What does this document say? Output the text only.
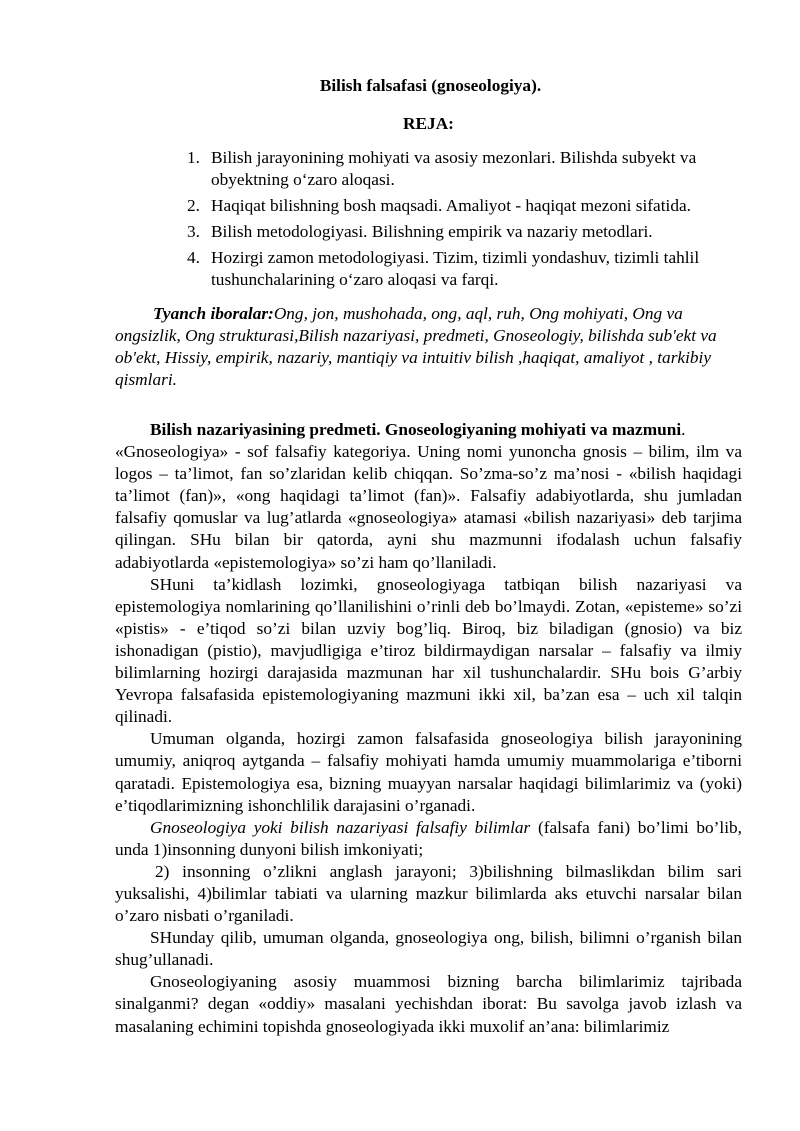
Bilish falsafasi (gnoseologiya).

REJA:

1. Bilish jarayonining mohiyati va asosiy mezonlari. Bilishda subyekt va obyektning o‘zaro aloqasi.
2. Haqiqat bilishning bosh maqsadi. Amaliyot - haqiqat mezoni sifatida.
3. Bilish metodologiyasi. Bilishning empirik va nazariy metodlari.
4. Hozirgi zamon metodologiyasi. Tizim, tizimli yondashuv, tizimli tahlil tushunchalarining o‘zaro aloqasi va farqi.

Tyanch iboralar:Ong, jon, mushohada, ong, aql, ruh, Ong mohiyati, Ong va ongsizlik, Ong strukturasi,Bilish nazariyasi, predmeti, Gnoseologiy, bilishda sub'ekt va ob'ekt, Hissiy, empirik, nazariy, mantiqiy va intuitiv bilish ,haqiqat, amaliyot , tarkibiy qismlari.

Bilish nazariyasining predmeti. Gnoseologiyaning mohiyati va mazmuni.
«Gnoseologiya» - sof falsafiy kategoriya. Uning nomi yunoncha gnosis – bilim, ilm va logos – ta’limot, fan so’zlaridan kelib chiqqan. So’zma-so’z ma’nosi - «bilish haqidagi ta’limot (fan)», «ong haqidagi ta’limot (fan)». Falsafiy adabiyotlarda, shu jumladan falsafiy qomuslar va lug’atlarda «gnoseologiya» atamasi «bilish nazariyasi» deb tarjima qilingan. SHu bilan bir qatorda, ayni shu mazmunni ifodalash uchun falsafiy adabiyotlarda «epistemologiya» so’zi ham qo’llaniladi.

SHuni ta’kidlash lozimki, gnoseologiyaga tatbiqan bilish nazariyasi va epistemologiya nomlarining qo’llanilishini o’rinli deb bo’lmaydi. Zotan, «episteme» so’zi «pistis» - e’tiqod so’zi bilan uzviy bog’liq. Biroq, biz biladigan (gnosio) va biz ishonadigan (pistio), mavjudligiga e’tiroz bildirmaydigan narsalar – falsafiy va ilmiy bilimlarning hozirgi darajasida mazmunan har xil tushunchalardir. SHu bois G’arbiy Yevropa falsafasida epistemologiyaning mazmuni ikki xil, ba’zan esa – uch xil talqin qilinadi.

Umuman olganda, hozirgi zamon falsafasida gnoseologiya bilish jarayonining umumiy, aniqroq aytganda – falsafiy mohiyati hamda umumiy muammolariga e’tiborni qaratadi. Epistemologiya esa, bizning muayyan narsalar haqidagi bilimlarimiz va (yoki) e’tiqodlarimizning ishonchlilik darajasini o’rganadi.

Gnoseologiya yoki bilish nazariyasi falsafiy bilimlar (falsafa fani) bo’limi bo’lib, unda 1)insonning dunyoni bilish imkoniyati;

2) insonning o’zlikni anglash jarayoni; 3)bilishning bilmaslikdan bilim sari yuksalishi, 4)bilimlar tabiati va ularning mazkur bilimlarda aks etuvchi narsalar bilan o’zaro nisbati o’rganiladi.

SHunday qilib, umuman olganda, gnoseologiya ong, bilish, bilimni o’rganish bilan shug’ullanadi.

Gnoseologiyaning asosiy muammosi bizning barcha bilimlarimiz tajribada sinalganmi? degan «oddiy» masalani yechishdan iborat: Bu savolga javob izlash va masalaning echimini topishda gnoseologiyada ikki muxolif an’ana: bilimlarimiz
